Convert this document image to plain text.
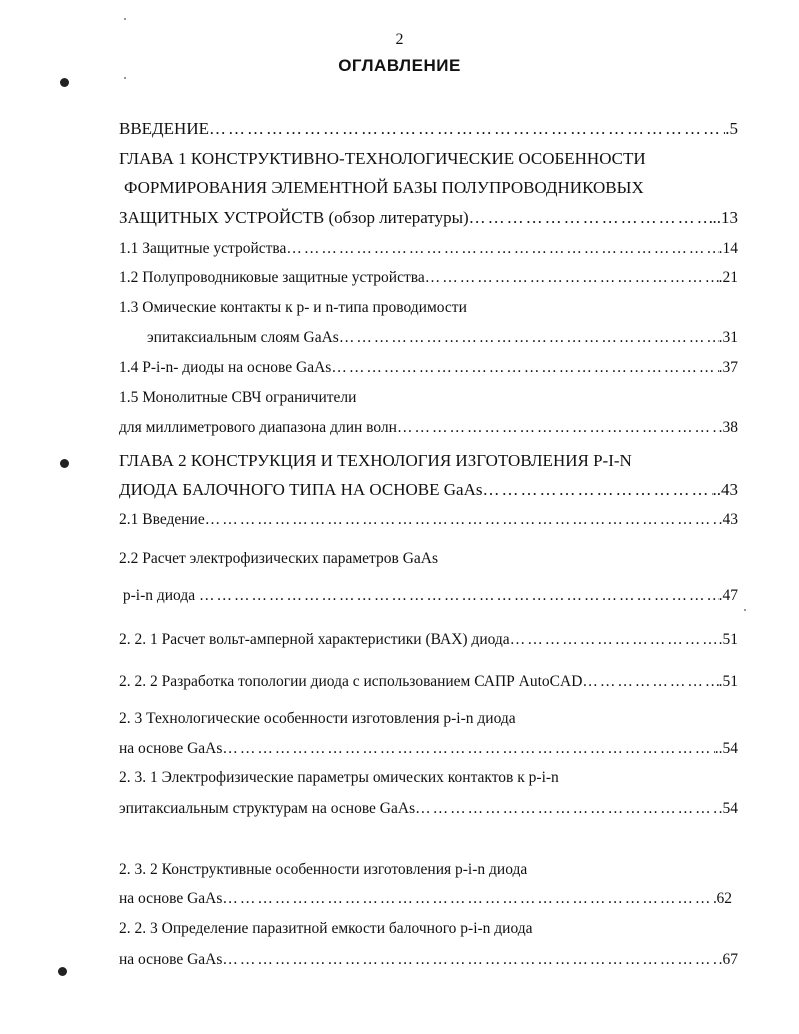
2
ОГЛАВЛЕНИЕ
ВВЕДЕНИЕ …………………………………………………………………………………………………………………………………………………………………………	.5
ГЛАВА 1 КОНСТРУКТИВНО-ТЕХНОЛОГИЧЕСКИЕ ОСОБЕННОСТИ
ФОРМИРОВАНИЯ ЭЛЕМЕНТНОЙ БАЗЫ ПОЛУПРОВОДНИКОВЫХ
ЗАЩИТНЫХ УСТРОЙСТВ (обзор литературы) …………………………………………………………………………………………………………………………………………………………………………	..13
1.1 Защитные устройства …………………………………………………………………………………………………………………………………………………………………………	.14
1.2 Полупроводниковые защитные устройства …………………………………………………………………………………………………………………………………………………………………………	.21
1.3 Омические контакты к p- и n-типа проводимости
эпитаксиальным слоям GaAs …………………………………………………………………………………………………………………………………………………………………………	.31
1.4 P-i-n- диоды на основе GaAs …………………………………………………………………………………………………………………………………………………………………………	.37
1.5 Монолитные СВЧ ограничители
для миллиметрового диапазона длин волн …………………………………………………………………………………………………………………………………………………………………………	.38
ГЛАВА 2 КОНСТРУКЦИЯ И ТЕХНОЛОГИЯ ИЗГОТОВЛЕНИЯ P-I-N
ДИОДА БАЛОЧНОГО ТИПА НА ОСНОВЕ GaAs …………………………………………………………………………………………………………………………………………………………………………	..43
2.1 Введение …………………………………………………………………………………………………………………………………………………………………………	.43
2.2 Расчет электрофизических параметров GaAs
p-i-n диода …………………………………………………………………………………………………………………………………………………………………………	.47
2. 2. 1 Расчет вольт-амперной характеристики (ВАХ) диода …………………………………………………………………………………………………………………………………………………………………………	.51
2. 2. 2 Разработка топологии диода с использованием САПР AutoCAD …………………………………………………………………………………………………………………………………………………………………………	.51
2. 3 Технологические особенности изготовления p-i-n диода
на основе GaAs …………………………………………………………………………………………………………………………………………………………………………	..54
2. 3. 1 Электрофизические параметры омических контактов к p-i-n
эпитаксиальным структурам на основе GaAs …………………………………………………………………………………………………………………………………………………………………………	.54
2. 3. 2 Конструктивные особенности изготовления p-i-n диода
на основе GaAs …………………………………………………………………………………………………………………………………………………………………………	62
2. 2. 3 Определение паразитной емкости балочного p-i-n диода
на основе GaAs …………………………………………………………………………………………………………………………………………………………………………	.67
